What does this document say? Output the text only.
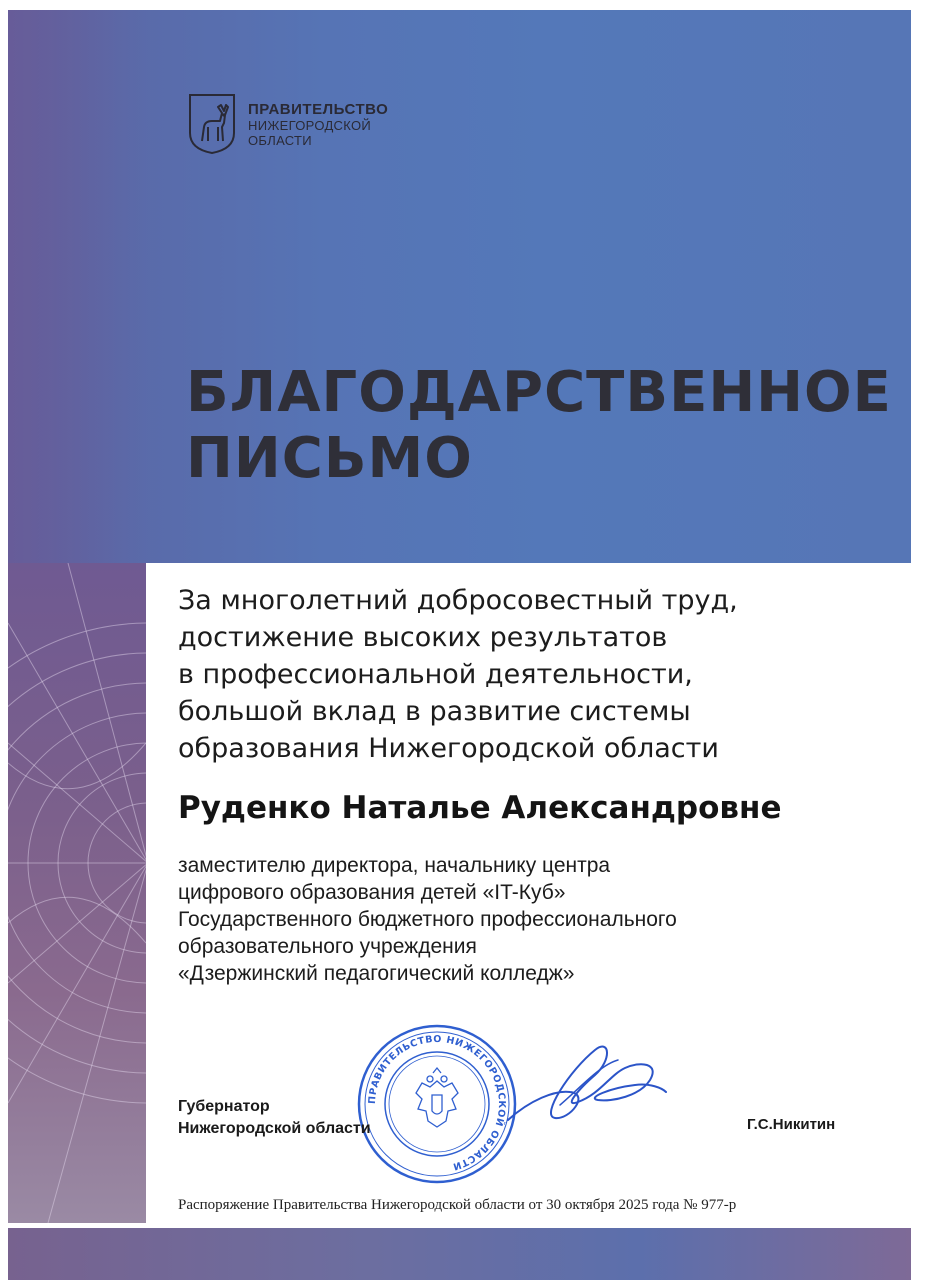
ПРАВИТЕЛЬСТВО
НИЖЕГОРОДСКОЙ
ОБЛАСТИ
БЛАГОДАРСТВЕННОЕ
ПИСЬМО
За многолетний добросовестный труд,
достижение высоких результатов
в профессиональной деятельности,
большой вклад в развитие системы
образования Нижегородской области
Руденко Наталье Александровне
заместителю директора, начальнику центра
цифрового образования детей «IT-Куб»
Государственного бюджетного профессионального
образовательного учреждения
«Дзержинский педагогический колледж»
ПРАВИТЕЛЬСТВО НИЖЕГОРОДСКОЙ ОБЛАСТИ
Губернатор
Нижегородской области	Г.С.Никитин
Распоряжение Правительства Нижегородской области от 30 октября 2025 года № 977-р
